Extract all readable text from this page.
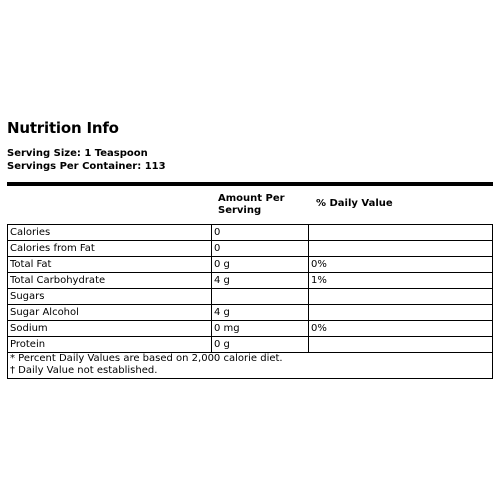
Nutrition Info
Serving Size: 1 Teaspoon
Servings Per Container: 113
Amount Per
Serving
% Daily Value
Calories	0
Calories from Fat	0
Total Fat	0 g	0%
Total Carbohydrate	4 g	1%
Sugars
Sugar Alcohol	4 g
Sodium	0 mg	0%
Protein	0 g
* Percent Daily Values are based on 2,000 calorie diet.
† Daily Value not established.
